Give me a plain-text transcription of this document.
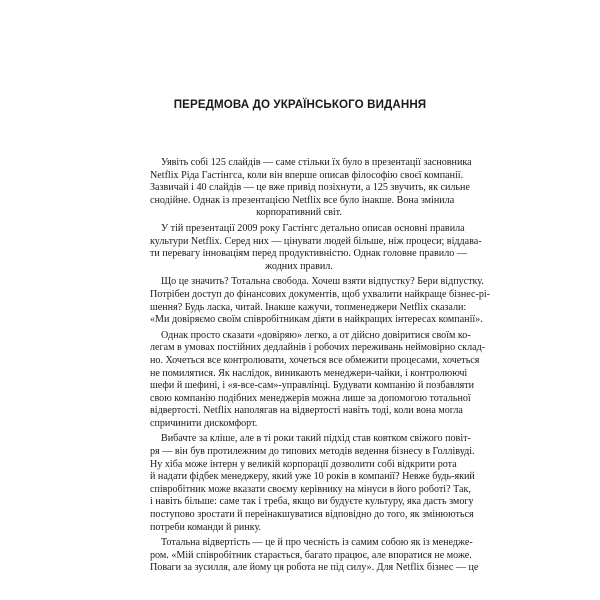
ПЕРЕДМОВА ДО УКРАЇНСЬКОГО ВИДАННЯ

Уявіть собі 125 слайдів — саме стільки їх було в презентації засновника
Netflix Ріда Гастінгса, коли він вперше описав філософію своєї компанії.
Зазвичай і 40 слайдів — це вже привід позіхнути, а 125 звучить, як сильне
снодійне. Однак із презентацією Netflix все було інакше. Вона змінила
корпоративний світ.

У тій презентації 2009 року Гастінгс детально описав основні правила
культури Netflix. Серед них — цінувати людей більше, ніж процеси; віддава-
ти перевагу інноваціям перед продуктивністю. Однак головне правило —
жодних правил.

Що це значить? Тотальна свобода. Хочеш взяти відпустку? Бери відпустку.
Потрібен доступ до фінансових документів, щоб ухвалити найкраще бізнес-рі-
шення? Будь ласка, читай. Інакше кажучи, топменеджери Netflix сказали:
«Ми довіряємо своїм співробітникам діяти в найкращих інтересах компанії».

Однак просто сказати «довіряю» легко, а от дійсно довіритися своїм ко-
легам в умовах постійних дедлайнів і робочих переживань неймовірно склад-
но. Хочеться все контролювати, хочеться все обмежити процесами, хочеться
не помилятися. Як наслідок, виникають менеджери-чайки, і контролюючі
шефи й шефині, і «я-все-сам»-управлінці. Будувати компанію й позбавляти
свою компанію подібних менеджерів можна лише за допомогою тотальної
відвертості. Netflix наполягав на відвертості навіть тоді, коли вона могла
спричинити дискомфорт.

Вибачте за кліше, але в ті роки такий підхід став ковтком свіжого повіт-
ря — він був протилежним до типових методів ведення бізнесу в Голлівуді.
Ну хіба може інтерн у великій корпорації дозволити собі відкрити рота
й надати фідбек менеджеру, який уже 10 років в компанії? Невже будь-який
співробітник може вказати своєму керівнику на мінуси в його роботі? Так,
і навіть більше: саме так і треба, якщо ви будуєте культуру, яка дасть змогу
поступово зростати й переінакшуватися відповідно до того, як змінюються
потреби команди й ринку.

Тотальна відвертість — це й про чесність із самим собою як із менедже-
ром. «Мій співробітник старається, багато працює, але впоратися не може.
Поваги за зусилля, але йому ця робота не під силу». Для Netflix бізнес — це
